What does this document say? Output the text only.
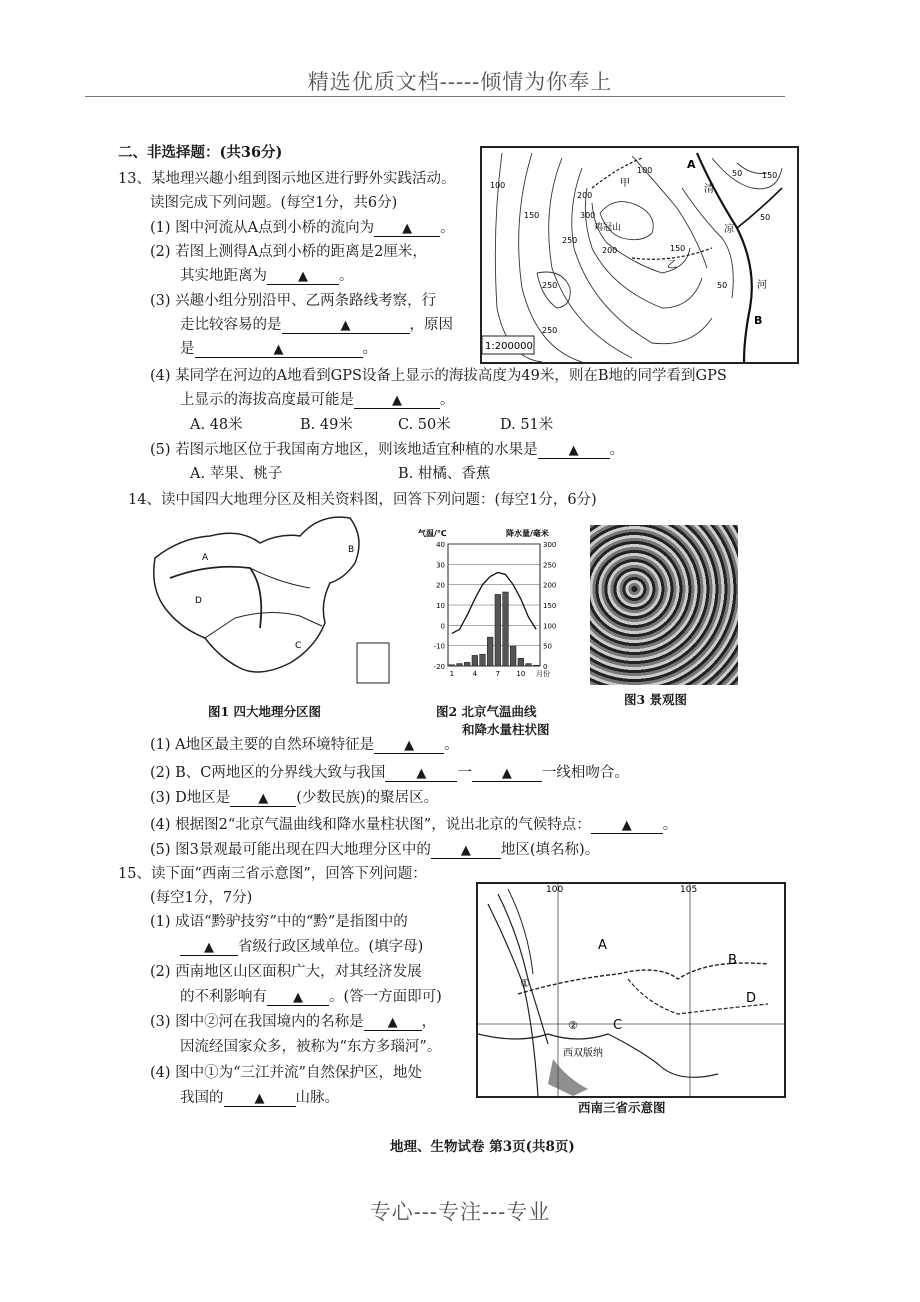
精选优质文档-----倾情为你奉上
专心---专注---专业
地理、生物试卷 第3页(共8页)
二、非选择题：(共36分)
13、某地理兴趣小组到图示地区进行野外实践活动。
读图完成下列问题。(每空1分，共6分)
(1) 图中河流从A点到小桥的流向为 ▲ 。
(2) 若图上测得A点到小桥的距离是2厘米，
其实地距离为 ▲ 。
(3) 兴趣小组分别沿甲、乙两条路线考察，行
走比较容易的是	▲	，原因
是	▲	。
(4) 某同学在河边的A地看到GPS设备上显示的海拔高度为49米，则在B地的同学看到GPS
上显示的海拔高度最可能是	▲	。
A. 48米	B. 49米	C. 50米	D. 51米
(5) 若图示地区位于我国南方地区，则该地适宜种植的水果是 ▲ 。
A. 苹果、桃子	B. 柑橘、香蕉
1:200000
300
鸡冠山
甲
乙
A
B
清
凉
河
100
150
200
250
250
200	150
100
50
150
50
50
250
14、读中国四大地理分区及相关资料图，回答下列问题：(每空1分，6分)
A
B
C
D
图1 四大地理分区图
气温/℃	降水量/毫米
40
30
20
10
0
-10
-20
300
250
200
150
100
50
0
1	4	7 10 月份
图2 北京气温曲线
和降水量柱状图
图3 景观图
(1) A地区最主要的自然环境特征是 ▲ 。
(2) B、C两地区的分界线大致与我国 ▲ 一 ▲ 一线相吻合。
(3) D地区是 ▲ (少数民族)的聚居区。
(4) 根据图2“北京气温曲线和降水量柱状图”，说出北京的气候特点： ▲ 。
(5) 图3景观最可能出现在四大地理分区中的 ▲ 地区(填名称)。
15、读下面“西南三省示意图”，回答下列问题：
(每空1分，7分)
(1) 成语“黔驴技穷”中的“黔”是指图中的
▲ 省级行政区域单位。(填字母)
(2) 西南地区山区面积广大，对其经济发展
的不利影响有 ▲ 。(答一方面即可)
(3) 图中②河在我国境内的名称是 ▲ ，
因流经国家众多，被称为“东方多瑙河”。
(4) 图中①为“三江并流”自然保护区，地处
我国的 ▲ 山脉。
100	105
A
B
C
D
①
②
西双版纳
西南三省示意图
